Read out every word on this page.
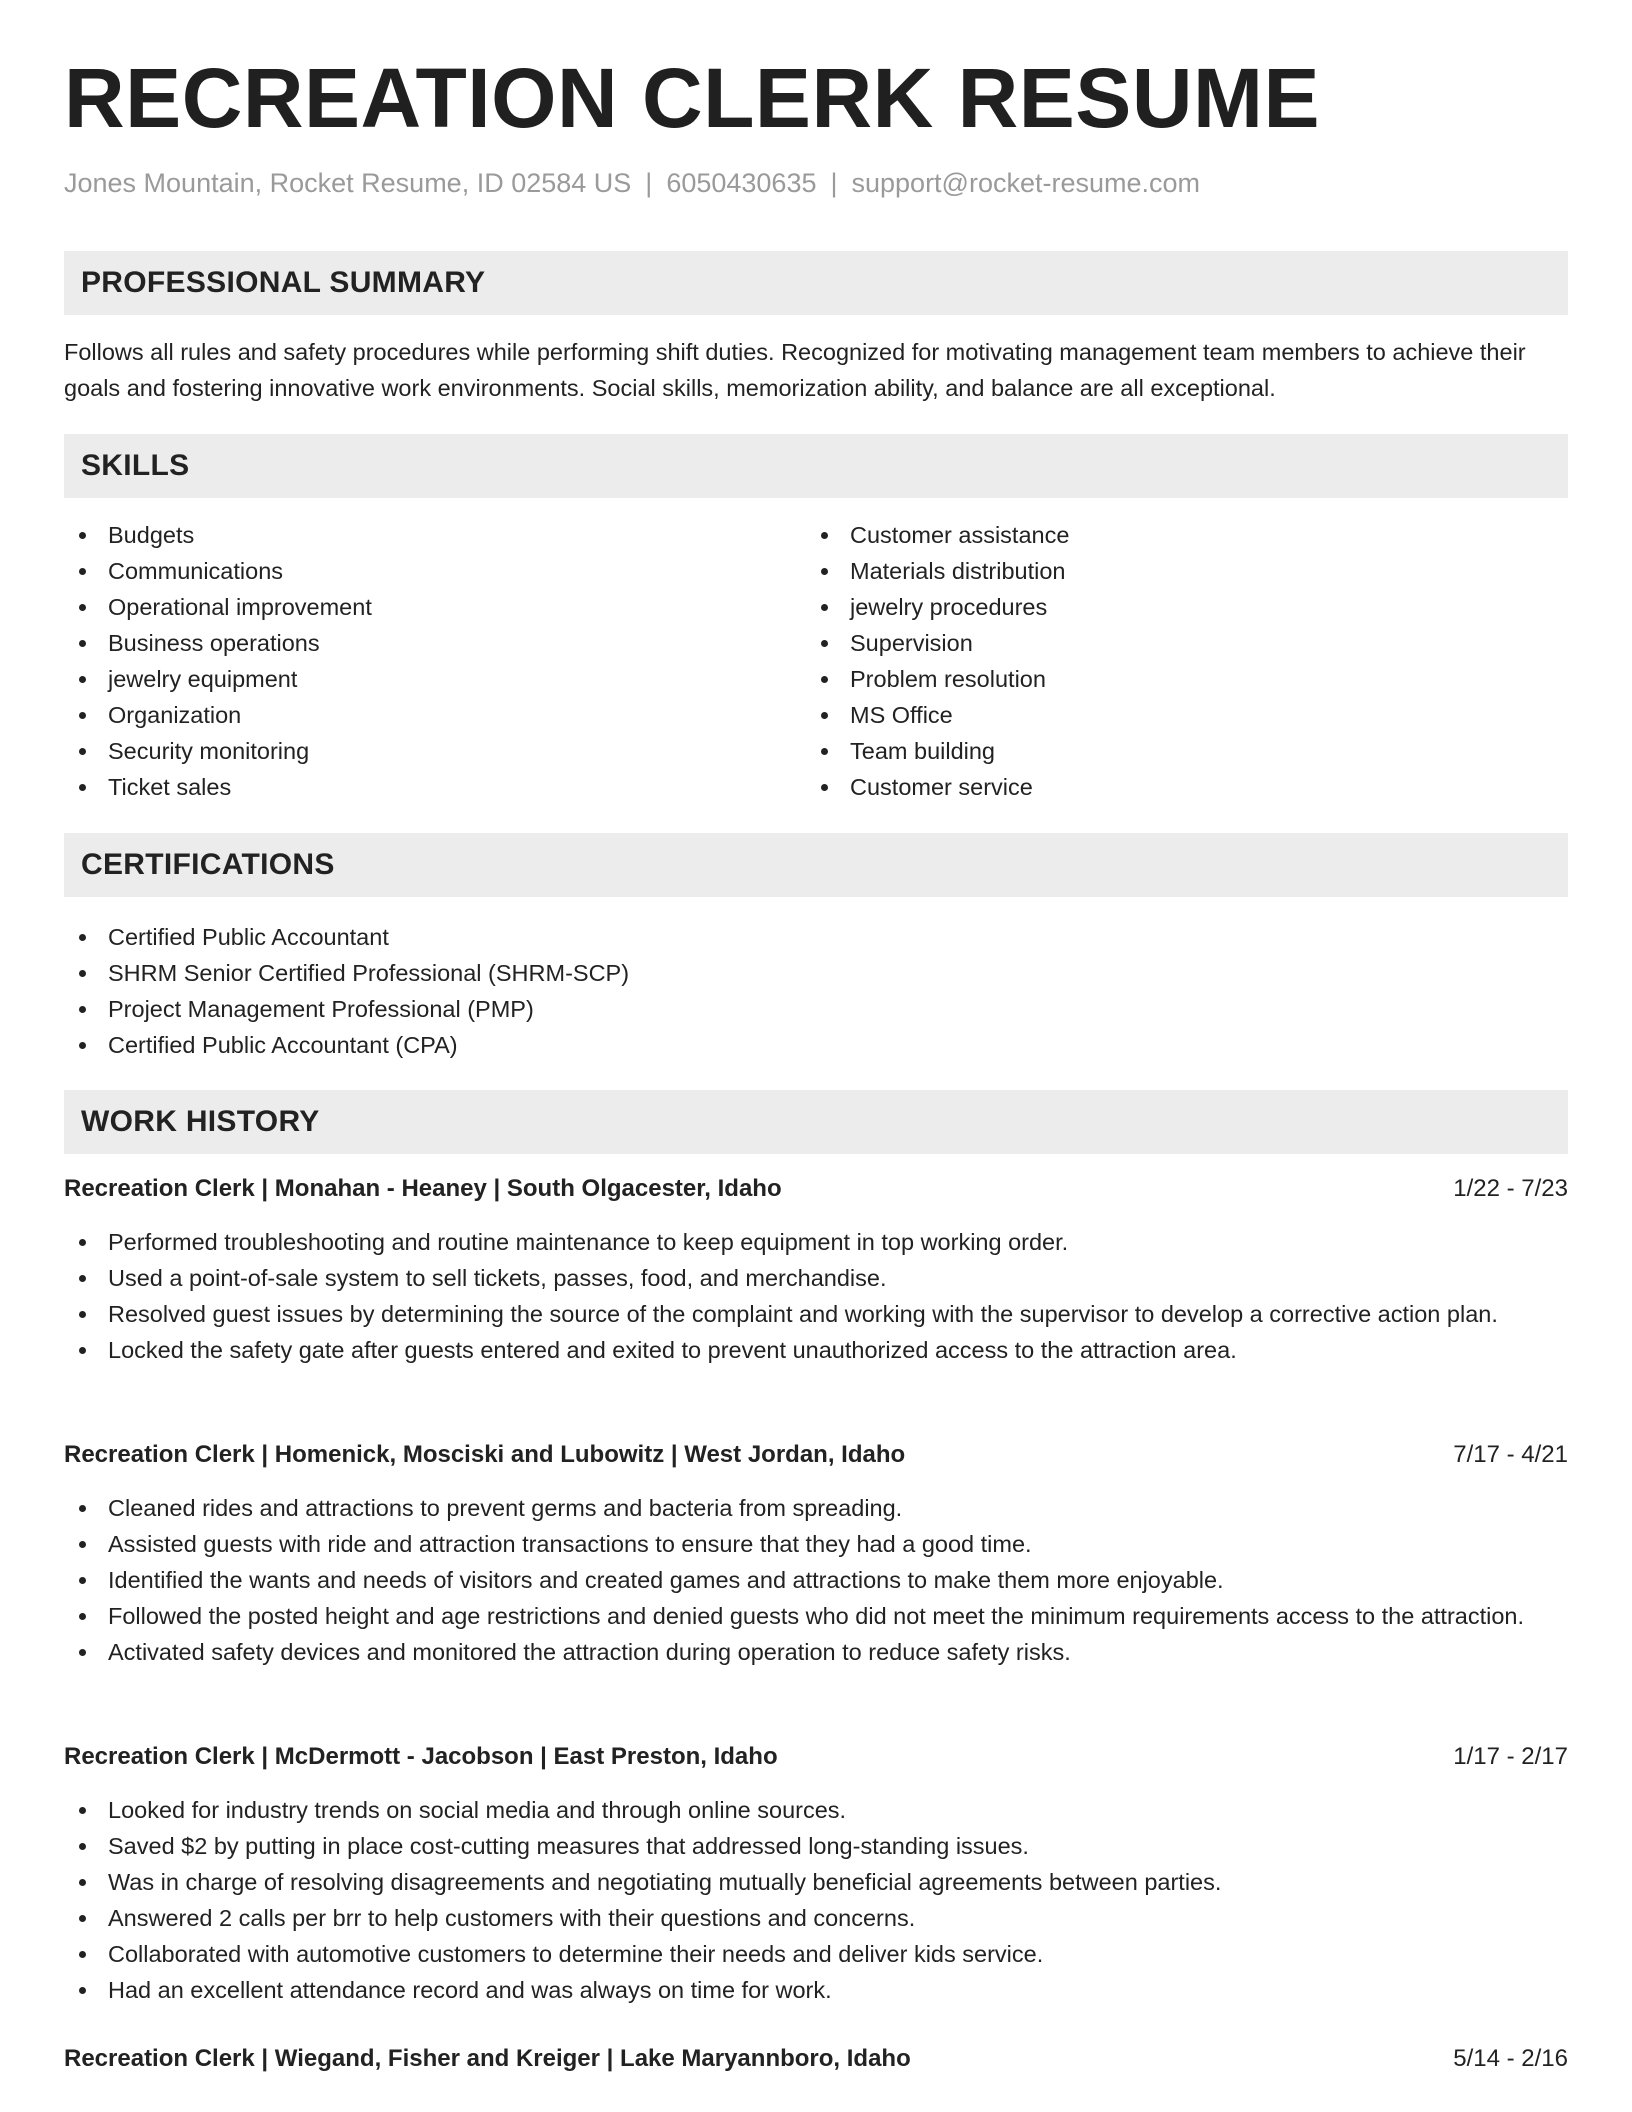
RECREATION CLERK RESUME
Jones Mountain, Rocket Resume, ID 02584 US | 6050430635 | support@rocket-resume.com
PROFESSIONAL SUMMARY

Follows all rules and safety procedures while performing shift duties. Recognized for motivating management team members to achieve their goals and fostering innovative work environments. Social skills, memorization ability, and balance are all exceptional.

SKILLS
Budgets
Communications
Operational improvement
Business operations
jewelry equipment
Organization
Security monitoring
Ticket sales
Customer assistance
Materials distribution
jewelry procedures
Supervision
Problem resolution
MS Office
Team building
Customer service
CERTIFICATIONS
Certified Public Accountant
SHRM Senior Certified Professional (SHRM-SCP)
Project Management Professional (PMP)
Certified Public Accountant (CPA)
WORK HISTORY
Recreation Clerk | Monahan - Heaney | South Olgacester, Idaho	1/22 - 7/23
Performed troubleshooting and routine maintenance to keep equipment in top working order.
Used a point-of-sale system to sell tickets, passes, food, and merchandise.
Resolved guest issues by determining the source of the complaint and working with the supervisor to develop a corrective action plan.
Locked the safety gate after guests entered and exited to prevent unauthorized access to the attraction area.
Recreation Clerk | Homenick, Mosciski and Lubowitz | West Jordan, Idaho	7/17 - 4/21
Cleaned rides and attractions to prevent germs and bacteria from spreading.
Assisted guests with ride and attraction transactions to ensure that they had a good time.
Identified the wants and needs of visitors and created games and attractions to make them more enjoyable.
Followed the posted height and age restrictions and denied guests who did not meet the minimum requirements access to the attraction.
Activated safety devices and monitored the attraction during operation to reduce safety risks.
Recreation Clerk | McDermott - Jacobson | East Preston, Idaho	1/17 - 2/17
Looked for industry trends on social media and through online sources.
Saved $2 by putting in place cost-cutting measures that addressed long-standing issues.
Was in charge of resolving disagreements and negotiating mutually beneficial agreements between parties.
Answered 2 calls per brr to help customers with their questions and concerns.
Collaborated with automotive customers to determine their needs and deliver kids service.
Had an excellent attendance record and was always on time for work.
Recreation Clerk | Wiegand, Fisher and Kreiger | Lake Maryannboro, Idaho	5/14 - 2/16
